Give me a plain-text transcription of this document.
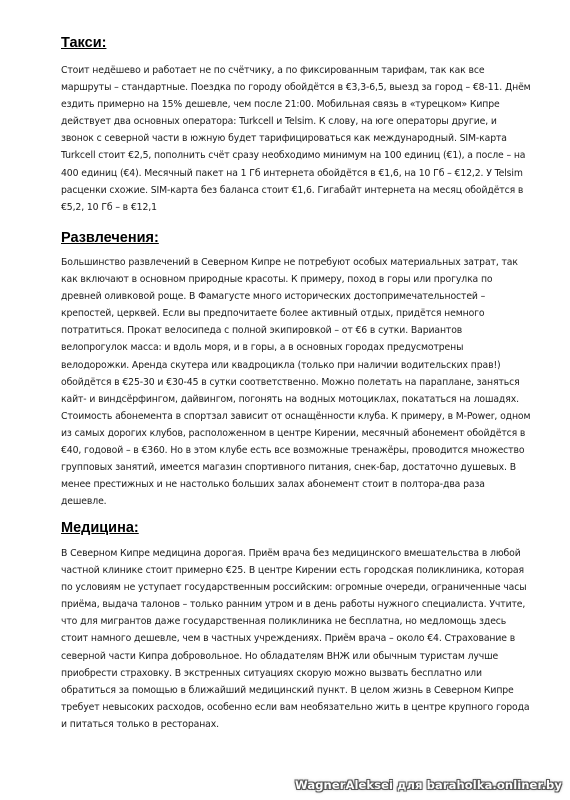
Такси:
Стоит недёшево и работает не по счётчику, а по фиксированным тарифам, так как все маршруты – стандартные. Поездка по городу обойдётся в €3,3-6,5, выезд за город – €8-11. Днём ездить примерно на 15% дешевле, чем после 21:00. Мобильная связь в «турецком» Кипре действует два основных оператора: Turkcell и Telsim. К слову, на юге операторы другие, и звонок с северной части в южную будет тарифицироваться как международный. SIM-карта Turkcell стоит €2,5, пополнить счёт сразу необходимо минимум на 100 единиц (€1), а после – на 400 единиц (€4). Месячный пакет на 1 Гб интернета обойдётся в €1,6, на 10 Гб – €12,2. У Telsim расценки схожие. SIM-карта без баланса стоит €1,6. Гигабайт интернета на месяц обойдётся в €5,2, 10 Гб – в €12,1
Развлечения:
Большинство развлечений в Северном Кипре не потребуют особых материальных затрат, так как включают в основном природные красоты. К примеру, поход в горы или прогулка по древней оливковой роще. В Фамагусте много исторических достопримечательностей – крепостей, церквей. Если вы предпочитаете более активный отдых, придётся немного потратиться. Прокат велосипеда с полной экипировкой – от €6 в сутки. Вариантов велопрогулок масса: и вдоль моря, и в горы, а в основных городах предусмотрены велодорожки. Аренда скутера или квадроцикла (только при наличии водительских прав!) обойдётся в €25-30 и €30-45 в сутки соответственно. Можно полетать на параплане, заняться кайт- и виндсёрфингом, дайвингом, погонять на водных мотоциклах, покататься на лошадях. Стоимость абонемента в спортзал зависит от оснащённости клуба. К примеру, в M-Power, одном из самых дорогих клубов, расположенном в центре Кирении, месячный абонемент обойдётся в €40, годовой – в €360. Но в этом клубе есть все возможные тренажёры, проводится множество групповых занятий, имеется магазин спортивного питания, снек-бар, достаточно душевых. В менее престижных и не настолько больших залах абонемент стоит в полтора-два раза дешевле.
Медицина:
В Северном Кипре медицина дорогая. Приём врача без медицинского вмешательства в любой частной клинике стоит примерно €25. В центре Кирении есть городская поликлиника, которая по условиям не уступает государственным российским: огромные очереди, ограниченные часы приёма, выдача талонов – только ранним утром и в день работы нужного специалиста. Учтите, что для мигрантов даже государственная поликлиника не бесплатна, но медломощь здесь стоит намного дешевле, чем в частных учреждениях. Приём врача – около €4. Страхование в северной части Кипра добровольное. Но обладателям ВНЖ или обычным туристам лучше приобрести страховку. В экстренных ситуациях скорую можно вызвать бесплатно или обратиться за помощью в ближайший медицинский пункт. В целом жизнь в Северном Кипре требует невысоких расходов, особенно если вам необязательно жить в центре крупного города и питаться только в ресторанах.
WagnerAleksei для baraholka.onliner.by
